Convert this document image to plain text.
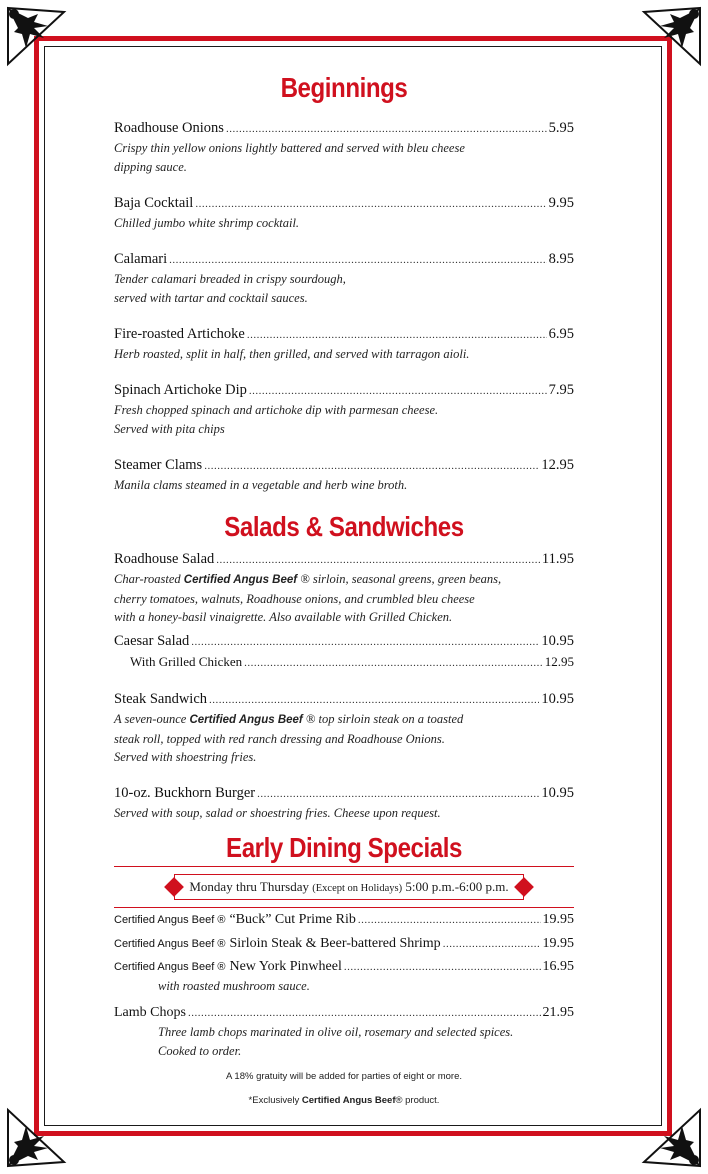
Beginnings
Roadhouse Onions .....	5.95
Crispy thin yellow onions lightly battered and served with bleu cheese
dipping sauce.
Baja Cocktail .....	9.95
Chilled jumbo white shrimp cocktail.
Calamari .....	8.95
Tender calamari breaded in crispy sourdough,
served with tartar and cocktail sauces.
Fire-roasted Artichoke .....	6.95
Herb roasted, split in half, then grilled, and served with tarragon aioli.
Spinach Artichoke Dip .....	7.95
Fresh chopped spinach and artichoke dip with parmesan cheese.
Served with pita chips
Steamer Clams .....	12.95
Manila clams steamed in a vegetable and herb wine broth.
Salads & Sandwiches
Roadhouse Salad .....	11.95
Char-roasted Certified Angus Beef ® sirloin, seasonal greens, green beans,
cherry tomatoes, walnuts, Roadhouse onions, and crumbled bleu cheese
with a honey-basil vinaigrette. Also available with Grilled Chicken.
Caesar Salad .....	10.95
With Grilled Chicken .....	12.95
Steak Sandwich .....	10.95
A seven-ounce Certified Angus Beef ® top sirloin steak on a toasted
steak roll, topped with red ranch dressing and Roadhouse Onions.
Served with shoestring fries.
10-oz. Buckhorn Burger .....	10.95
Served with soup, salad or shoestring fries. Cheese upon request.
Early Dining Specials
Monday thru Thursday (Except on Holidays) 5:00 p.m.-6:00 p.m.
Certified Angus Beef ® “Buck” Cut Prime Rib .....	19.95
Certified Angus Beef ® Sirloin Steak & Beer-battered Shrimp .....	19.95
Certified Angus Beef ® New York Pinwheel .....	16.95
with roasted mushroom sauce.
Lamb Chops .....	21.95
Three lamb chops marinated in olive oil, rosemary and selected spices.
Cooked to order.
A 18% gratuity will be added for parties of eight or more.
*Exclusively Certified Angus Beef® product.
